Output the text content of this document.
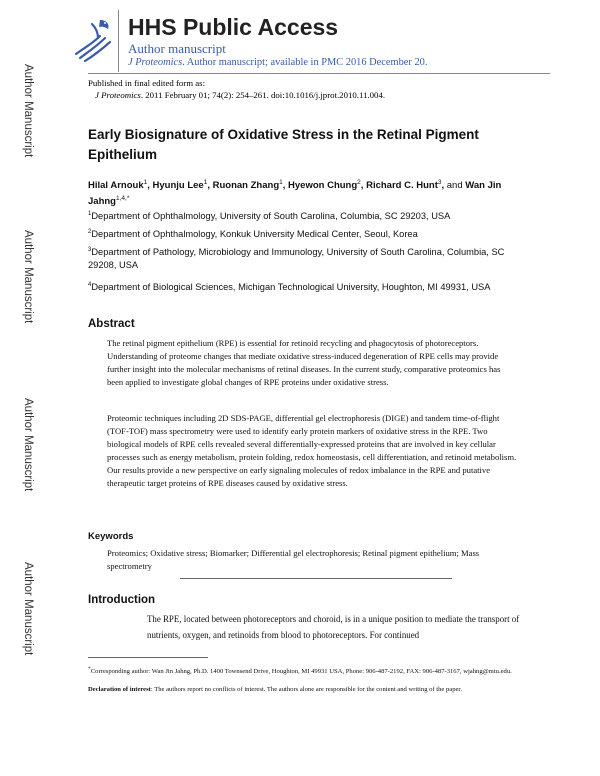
HHS Public Access
Author manuscript
J Proteomics. Author manuscript; available in PMC 2016 December 20.
Author Manuscript
Author Manuscript
Author Manuscript
Author Manuscript
Published in final edited form as:
J Proteomics. 2011 February 01; 74(2): 254–261. doi:10.1016/j.jprot.2010.11.004.
Early Biosignature of Oxidative Stress in the Retinal Pigment Epithelium
Hilal Arnouk$^1$, Hyunju Lee$^1$, Ruonan Zhang$^1$, Hyewon Chung$^2$, Richard C. Hunt$^3$, and Wan Jin Jahng$^{1,4,*}$
$^1$Department of Ophthalmology, University of South Carolina, Columbia, SC 29203, USA
$^2$Department of Ophthalmology, Konkuk University Medical Center, Seoul, Korea
$^3$Department of Pathology, Microbiology and Immunology, University of South Carolina, Columbia, SC 29208, USA
$^4$Department of Biological Sciences, Michigan Technological University, Houghton, MI 49931, USA
Abstract
The retinal pigment epithelium (RPE) is essential for retinoid recycling and phagocytosis of photoreceptors. Understanding of proteome changes that mediate oxidative stress-induced degeneration of RPE cells may provide further insight into the molecular mechanisms of retinal diseases. In the current study, comparative proteomics has been applied to investigate global changes of RPE proteins under oxidative stress.
Proteomic techniques including 2D SDS-PAGE, differential gel electrophoresis (DIGE) and tandem time-of-flight (TOF-TOF) mass spectrometry were used to identify early protein markers of oxidative stress in the RPE. Two biological models of RPE cells revealed several differentially-expressed proteins that are involved in key cellular processes such as energy metabolism, protein folding, redox homeostasis, cell differentiation, and retinoid metabolism. Our results provide a new perspective on early signaling molecules of redox imbalance in the RPE and putative therapeutic target proteins of RPE diseases caused by oxidative stress.
Keywords
Proteomics; Oxidative stress; Biomarker; Differential gel electrophoresis; Retinal pigment epithelium; Mass spectrometry
Introduction
The RPE, located between photoreceptors and choroid, is in a unique position to mediate the transport of nutrients, oxygen, and retinoids from blood to photoreceptors. For continued
*Corresponding author: Wan Jin Jahng, Ph.D. 1400 Townsend Drive, Houghton, MI 49931 USA, Phone: 906-487-2192, FAX: 906-487-3167, wjahng@mtu.edu.
Declaration of interest: The authors report no conflicts of interest. The authors alone are responsible for the content and writing of the paper.
